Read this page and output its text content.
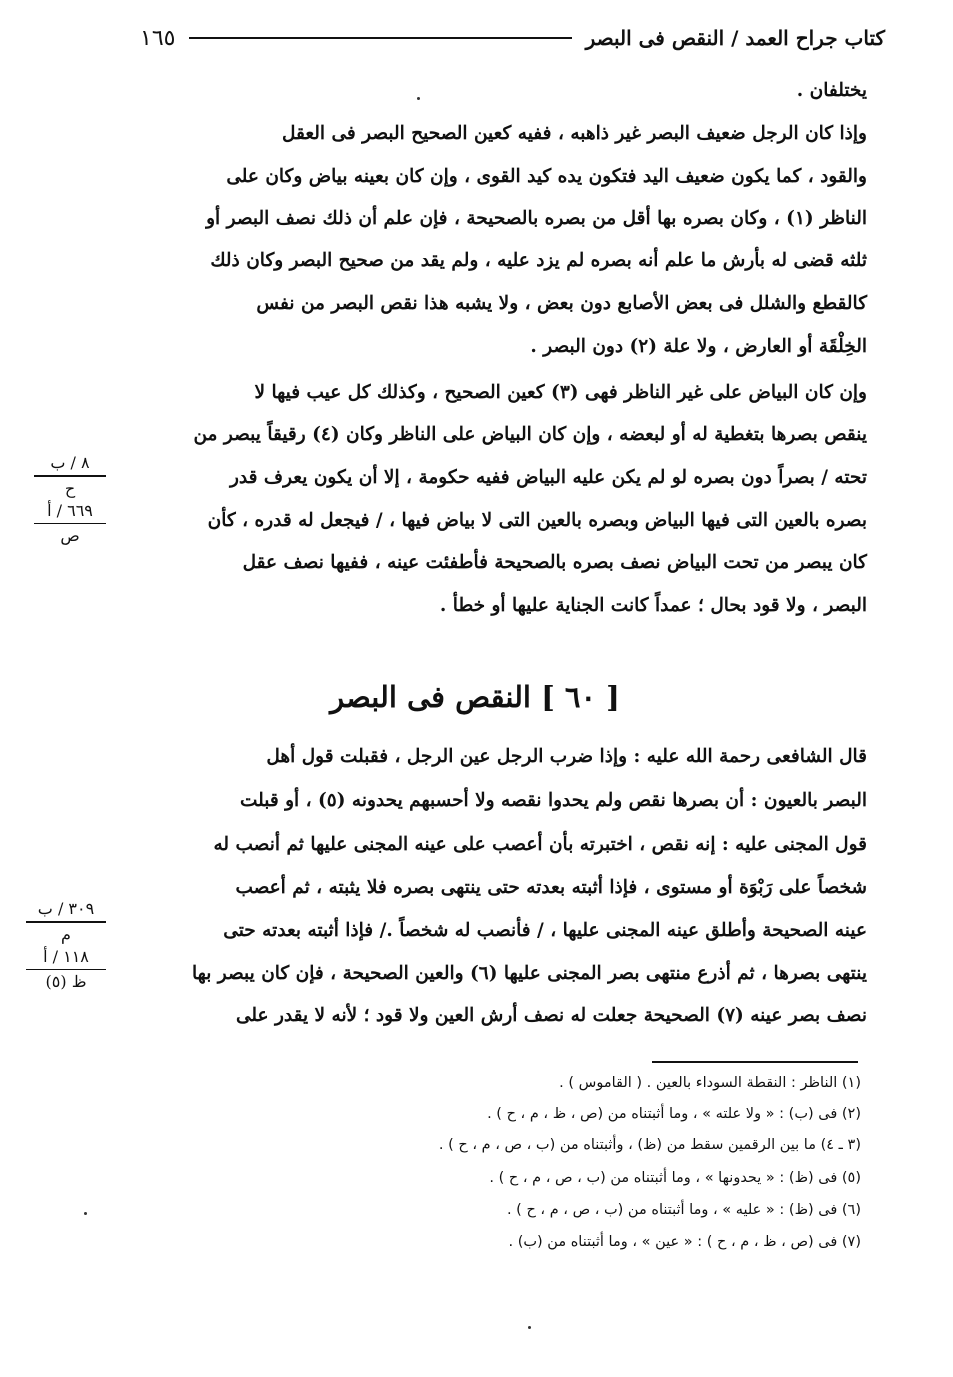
كتاب جراح العمد / النقص فى البصر
١٦٥
يختلفان .
وإذا كان الرجل ضعيف البصر غير ذاهبه ، ففيه كعين الصحيح البصر فى العقل
والقود ، كما يكون ضعيف اليد فتكون يده كيد القوى ، وإن كان بعينه بياض وكان على
الناظر (١) ، وكان بصره بها أقل من بصره بالصحيحة ، فإن علم أن ذلك نصف البصر أو
ثلثه قضى له بأرش ما علم أنه بصره لم يزد عليه ، ولم يقد من صحيح البصر وكان ذلك
كالقطع والشلل فى بعض الأصابع دون بعض ، ولا يشبه هذا نقص البصر من نفس
الخِلْقَة أو العارض ، ولا علة (٢) دون البصر .
وإن كان البياض على غير الناظر فهى (٣) كعين الصحيح ، وكذلك كل عيب فيها لا
ينقص بصرها بتغطية له أو لبعضه ، وإن كان البياض على الناظر وكان (٤) رقيقاً يبصر من
تحته / بصراً دون بصره لو لم يكن عليه البياض ففيه حكومة ، إلا أن يكون يعرف قدر
بصره بالعين التى فيها البياض وبصره بالعين التى لا بياض فيها ، / فيجعل له قدره ، كأن
كان يبصر من تحت البياض نصف بصره بالصحيحة فأطفئت عينه ، ففيها نصف عقل
البصر ، ولا قود بحال ؛ عمداً كانت الجناية عليها أو خطأ .
٨ / ب
ح
٦٦٩ / أ
ص
[ ٦٠ ] النقص فى البصر
قال الشافعى رحمة الله عليه : وإذا ضرب الرجل عين الرجل ، فقبلت قول أهل
البصر بالعيون : أن بصرها نقص ولم يحدوا نقصه ولا أحسبهم يحدونه (٥) ، أو قبلت
قول المجنى عليه : إنه نقص ، اختبرته بأن أعصب على عينه المجنى عليها ثم أنصب له
شخصاً على رَبْوَة أو مستوى ، فإذا أثبته بعدته حتى ينتهى بصره فلا يثبته ، ثم أعصب
عينه الصحيحة وأطلق عينه المجنى عليها ، / فأنصب له شخصاً ./ فإذا أثبته بعدته حتى
ينتهى بصرها ، ثم أذرع منتهى بصر المجنى عليها (٦) والعين الصحيحة ، فإن كان يبصر بها
نصف بصر عينه (٧) الصحيحة جعلت له نصف أرش العين ولا قود ؛ لأنه لا يقدر على
٣٠٩ / ب
م
١١٨ / أ
ظ (٥)
(١) الناظر : النقطة السوداء بالعين . ( القاموس ) .
(٢) فى (ب) : « ولا علته » ، وما أثبتناه من (ص ، ظ ، م ، ح ) .
(٣ ـ ٤) ما بين الرقمين سقط من (ظ) ، وأثبتناه من (ب ، ص ، م ، ح ) .
(٥) فى (ظ) : « يحدونها » ، وما أثبتناه من (ب ، ص ، م ، ح ) .
(٦) فى (ظ) : « عليه » ، وما أثبتناه من (ب ، ص ، م ، ح ) .
(٧) فى (ص ، ظ ، م ، ح ) : « عين » ، وما أثبتناه من (ب) .
